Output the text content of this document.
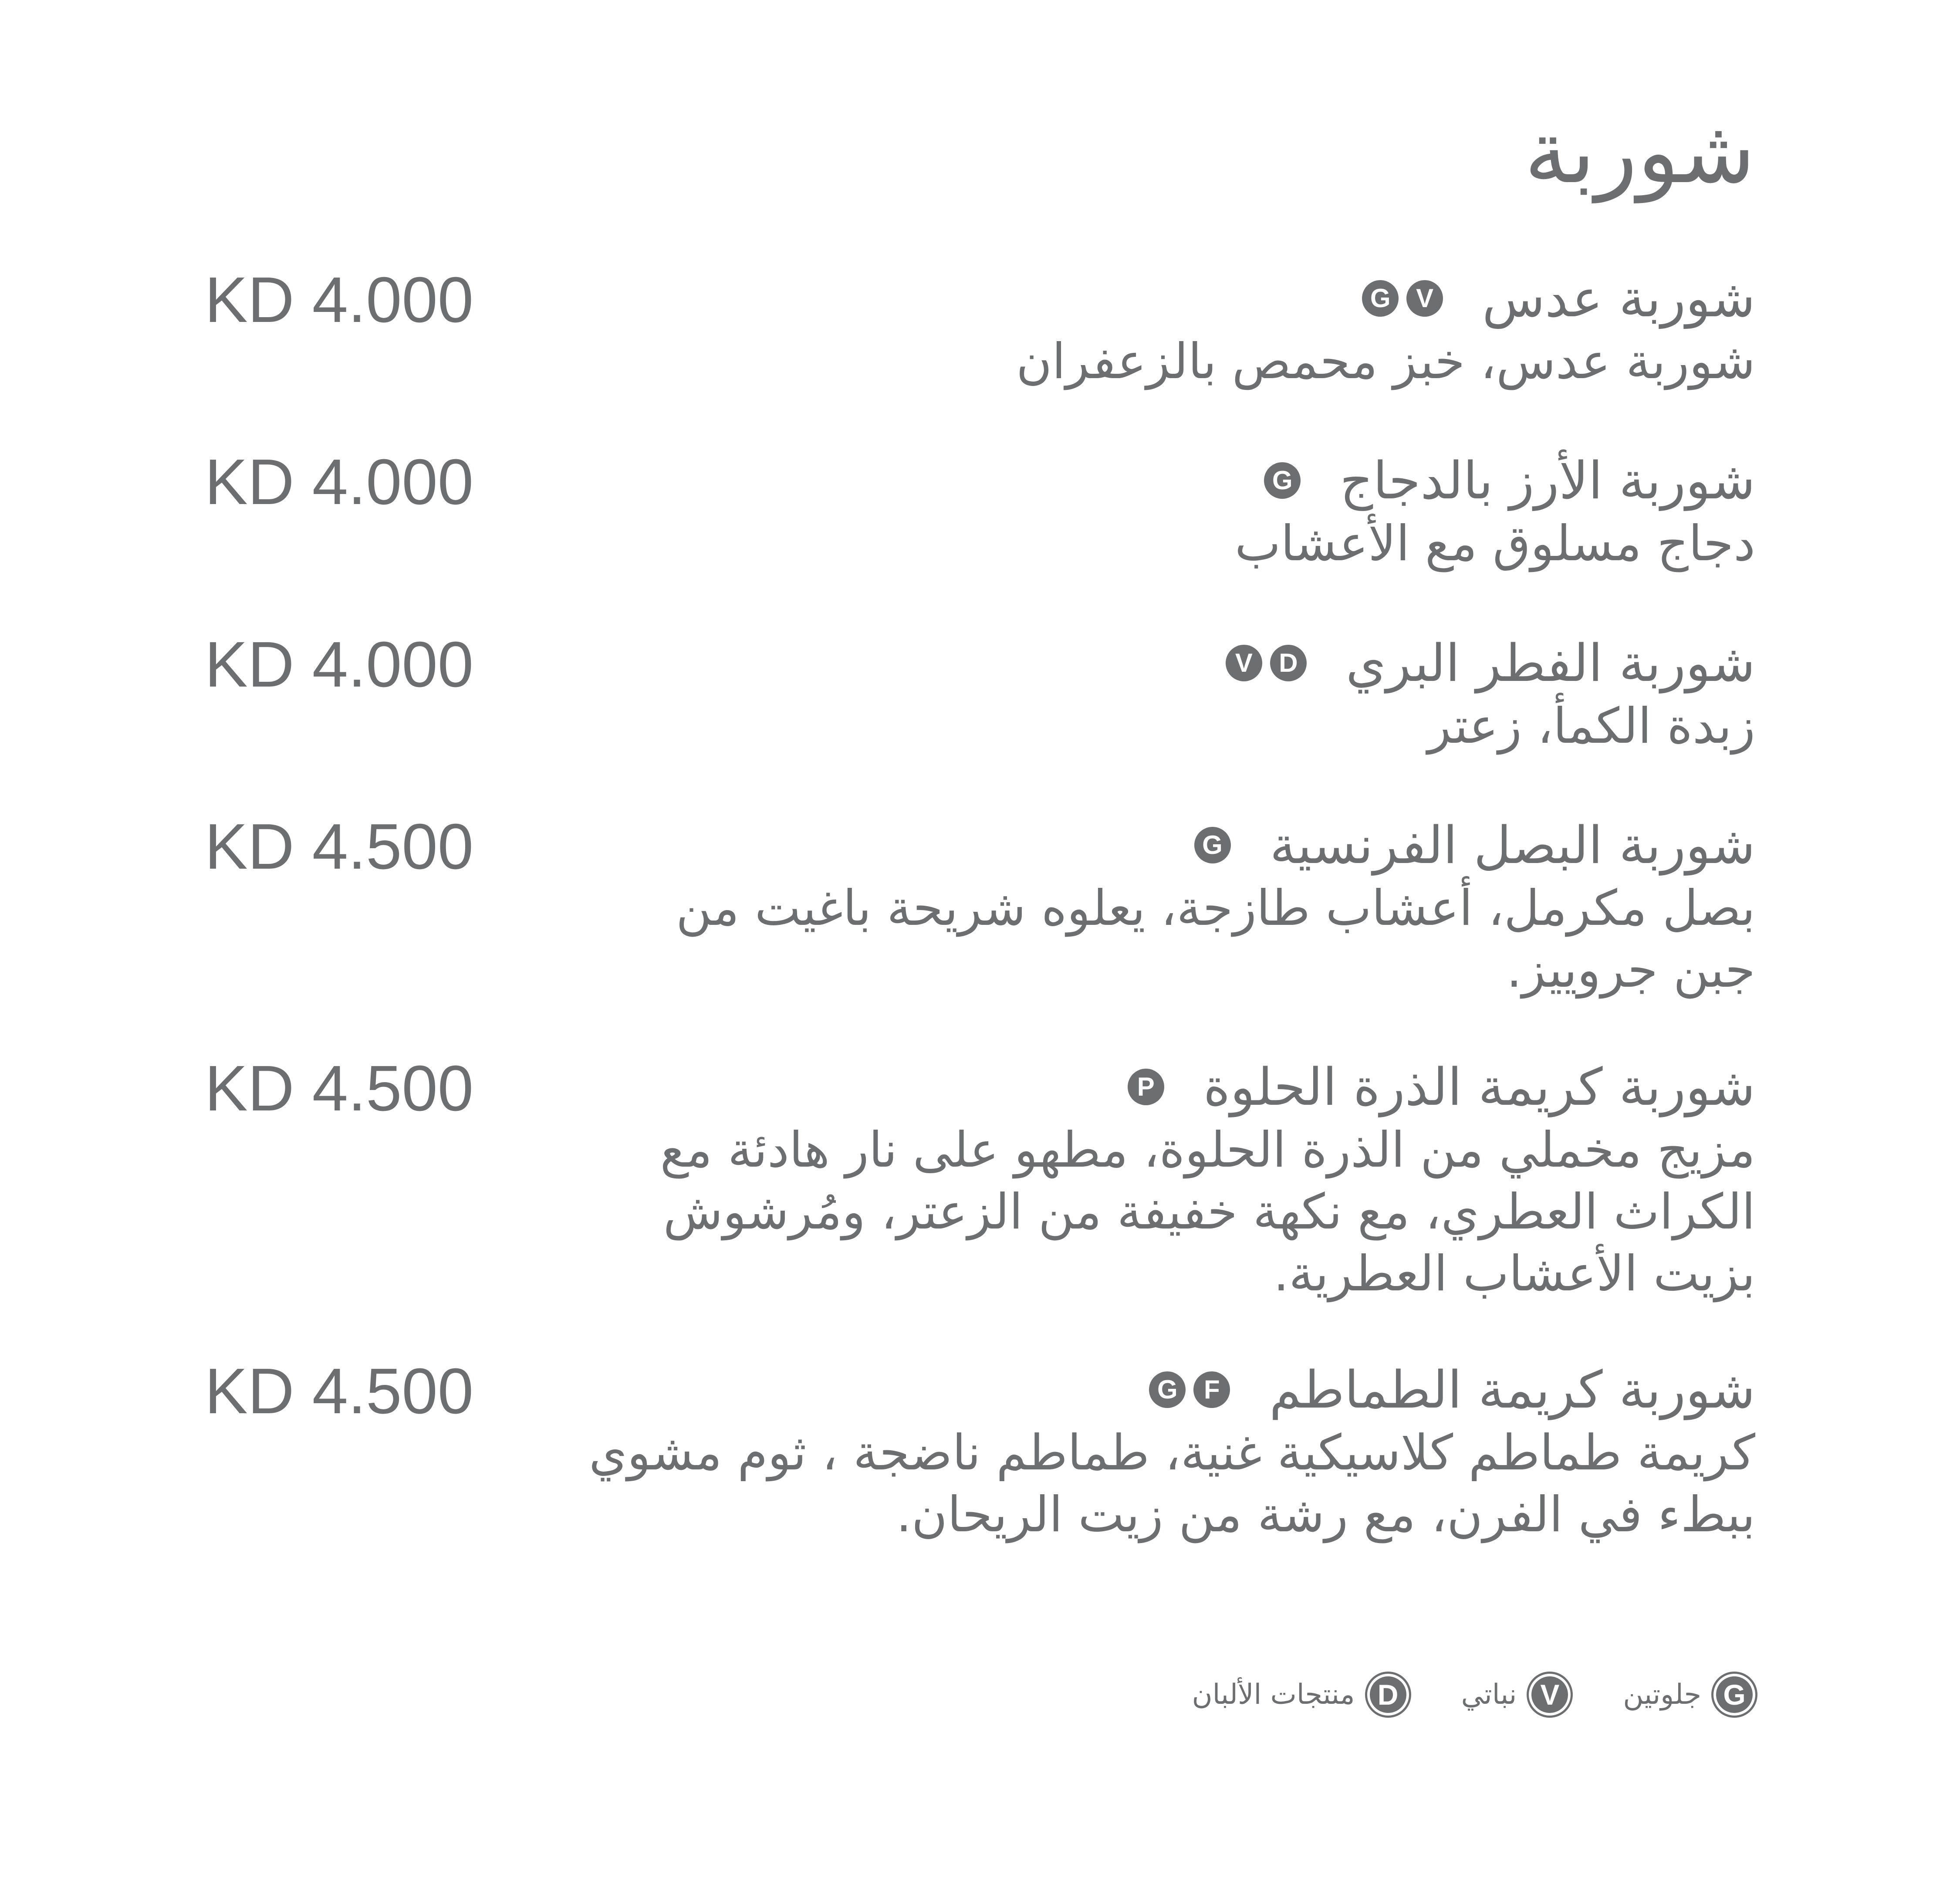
شوربة
شوربة عدس
V
G
شوربة عدس، خبز محمص بالزعفران
KD 4.000
شوربة الأرز بالدجاج
G
دجاج مسلوق مع الأعشاب
KD 4.000
شوربة الفطر البري
D
V
زبدة الكمأ، زعتر
KD 4.000
شوربة البصل الفرنسية
G
بصل مكرمل، أعشاب طازجة، يعلوه شريحة باغيت من جبن جروييز.
KD 4.500
شوربة كريمة الذرة الحلوة
P
مزيج مخملي من الذرة الحلوة، مطهو على نار هادئة مع الكراث العطري، مع نكهة خفيفة من الزعتر، ومُرشوش بزيت الأعشاب العطرية.
KD 4.500
شوربة كريمة الطماطم
F
G
كريمة طماطم كلاسيكية غنية، طماطم ناضجة ، ثوم مشوي ببطء في الفرن، مع رشة من زيت الريحان.
KD 4.500
G
جلوتين
V
نباتي
D
منتجات الألبان
